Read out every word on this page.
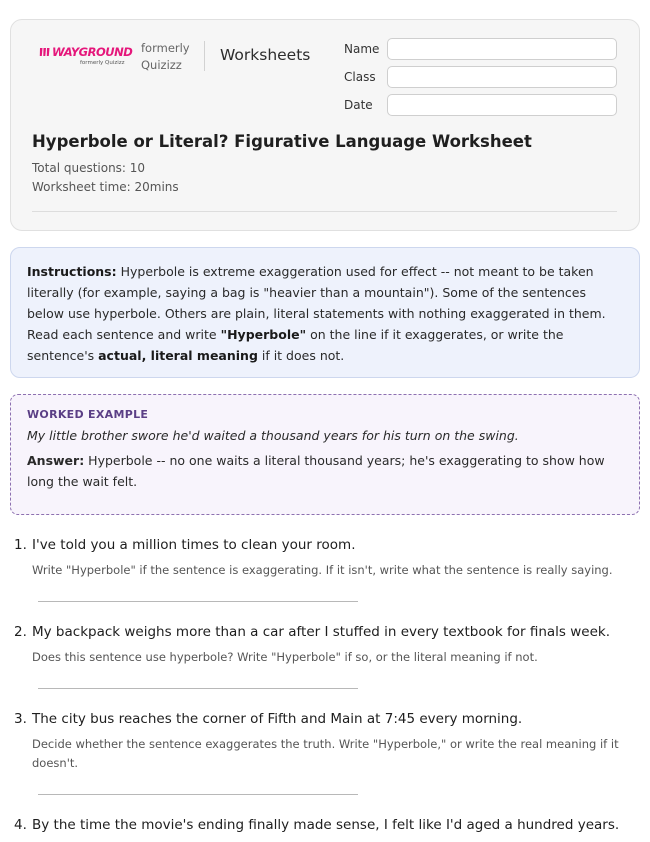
WAYGROUND
formerly Quizizz
formerly
Quizizz
Worksheets	Name
Class
Date
Hyperbole or Literal? Figurative Language Worksheet
Total questions: 10
Worksheet time: 20mins
Instructions: Hyperbole is extreme exaggeration used for effect -- not meant to be taken literally (for example, saying a bag is "heavier than a mountain"). Some of the sentences below use hyperbole. Others are plain, literal statements with nothing exaggerated in them. Read each sentence and write "Hyperbole" on the line if it exaggerates, or write the sentence's actual, literal meaning if it does not.
WORKED EXAMPLE
My little brother swore he'd waited a thousand years for his turn on the swing.
Answer: Hyperbole -- no one waits a literal thousand years; he's exaggerating to show how long the wait felt.
1. I've told you a million times to clean your room.
Write "Hyperbole" if the sentence is exaggerating. If it isn't, write what the sentence is really saying.
2. My backpack weighs more than a car after I stuffed in every textbook for finals week.
Does this sentence use hyperbole? Write "Hyperbole" if so, or the literal meaning if not.
3. The city bus reaches the corner of Fifth and Main at 7:45 every morning.
Decide whether the sentence exaggerates the truth. Write "Hyperbole," or write the real meaning if it doesn't.
4. By the time the movie's ending finally made sense, I felt like I'd aged a hundred years.
